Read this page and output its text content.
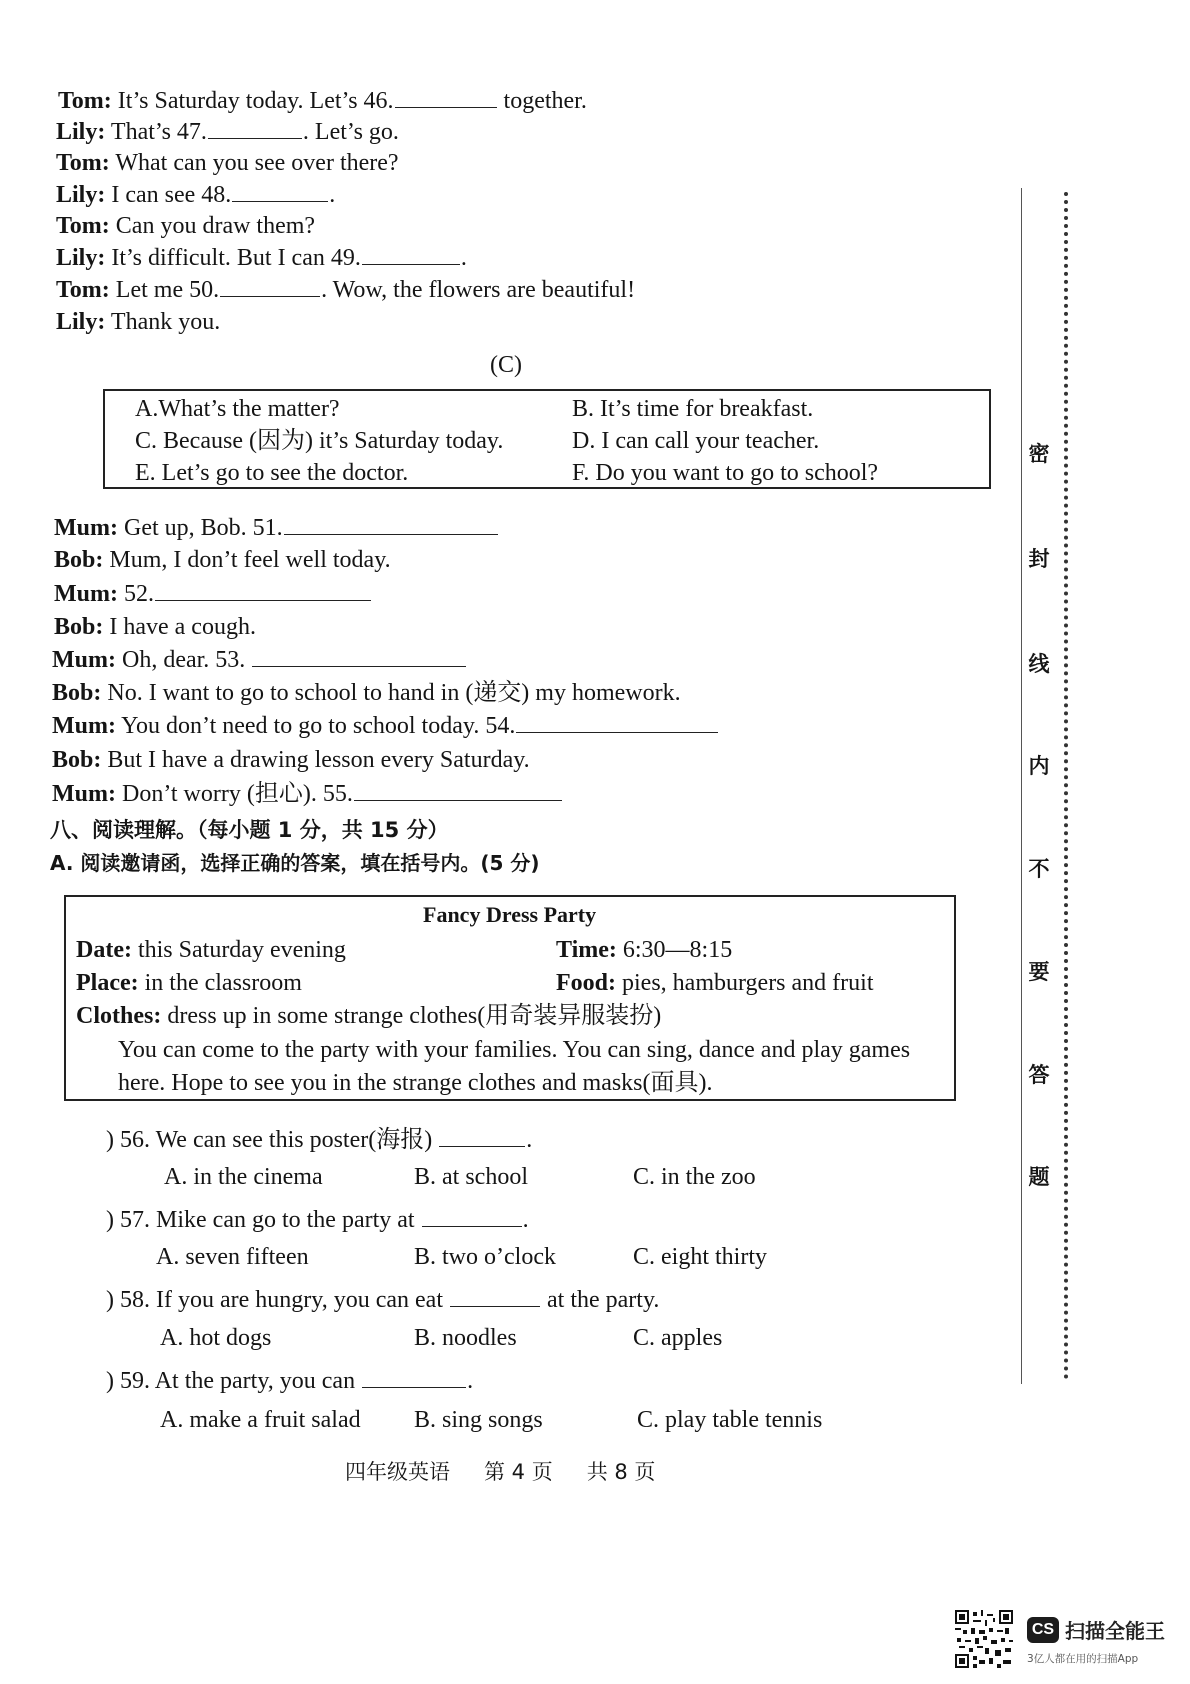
Tom: It’s Saturday today. Let’s 46.	together.
Lily: That’s 47.	. Let’s go.
Tom: What can you see over there?
Lily: I can see 48.	.
Tom: Can you draw them?
Lily: It’s difficult. But I can 49.	.
Tom: Let me 50.	. Wow, the flowers are beautiful!
Lily: Thank you.
(C)
A.What’s the matter?	B. It’s time for breakfast.
C. Because (因为) it’s Saturday today.	D. I can call your teacher.
E. Let’s go to see the doctor.	F. Do you want to go to school?
Mum: Get up, Bob. 51.
Bob: Mum, I don’t feel well today.
Mum: 52.
Bob: I have a cough.
Mum: Oh, dear. 53.
Bob: No. I want to go to school to hand in (递交) my homework.
Mum: You don’t need to go to school today. 54.
Bob: But I have a drawing lesson every Saturday.
Mum: Don’t worry (担心). 55.
八、阅读理解。（每小题 1 分，共 15 分）
A. 阅读邀请函，选择正确的答案，填在括号内。(5 分)
Fancy Dress Party
Date: this Saturday evening	Time: 6:30—8:15
Place: in the classroom	Food: pies, hamburgers and fruit
Clothes: dress up in some strange clothes(用奇装异服装扮)
You can come to the party with your families. You can sing, dance and play games
here. Hope to see you in the strange clothes and masks(面具).
) 56. We can see this poster(海报)	.
A. in the cinema	B. at school	C. in the zoo
) 57. Mike can go to the party at	.
A. seven fifteen	B. two o’clock	C. eight thirty
) 58. If you are hungry, you can eat	at the party.
A. hot dogs	B. noodles	C. apples
) 59. At the party, you can	.
A. make a fruit salad B. sing songs	C. play table tennis
密
封
线
内
不
要
答
题
四年级英语 第 4 页 共 8 页
CS 扫描全能王
3亿人都在用的扫描App
